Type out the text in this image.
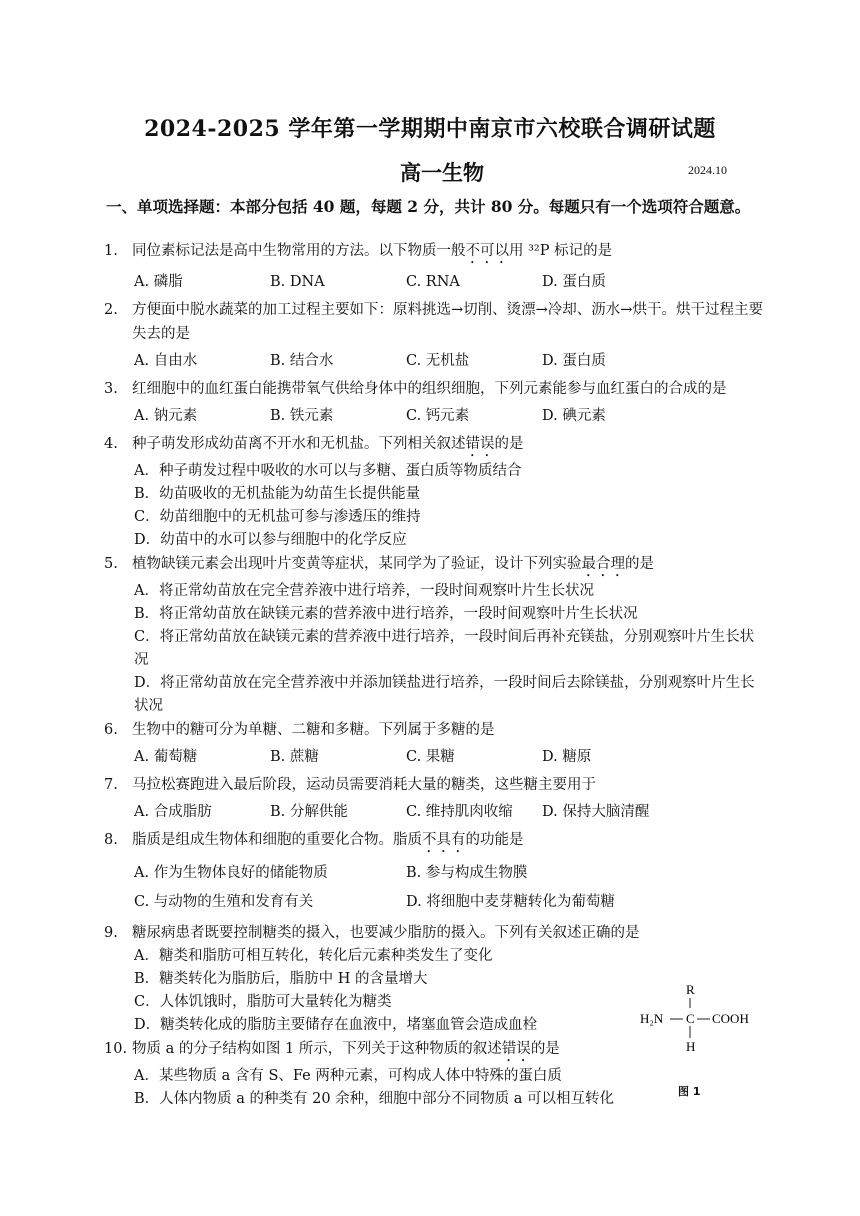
2024-2025 学年第一学期期中南京市六校联合调研试题
高一生物	2024.10
一、单项选择题：本部分包括 40 题，每题 2 分，共计 80 分。每题只有一个选项符合题意。
1. 同位素标记法是高中生物常用的方法。以下物质一般不可以用 ³²P 标记的是
A. 磷脂	B. DNA	C. RNA	D. 蛋白质
2. 方便面中脱水蔬菜的加工过程主要如下：原料挑选→切削、烫漂→冷却、沥水→烘干。烘干过程主要失去的是
A. 自由水	B. 结合水	C. 无机盐	D. 蛋白质
3. 红细胞中的血红蛋白能携带氧气供给身体中的组织细胞，下列元素能参与血红蛋白的合成的是
A. 钠元素	B. 铁元素	C. 钙元素	D. 碘元素
4. 种子萌发形成幼苗离不开水和无机盐。下列相关叙述错误的是
A．种子萌发过程中吸收的水可以与多糖、蛋白质等物质结合
B．幼苗吸收的无机盐能为幼苗生长提供能量
C．幼苗细胞中的无机盐可参与渗透压的维持
D．幼苗中的水可以参与细胞中的化学反应
5. 植物缺镁元素会出现叶片变黄等症状，某同学为了验证，设计下列实验最合理的是
A．将正常幼苗放在完全营养液中进行培养，一段时间观察叶片生长状况
B．将正常幼苗放在缺镁元素的营养液中进行培养，一段时间观察叶片生长状况
C．将正常幼苗放在缺镁元素的营养液中进行培养，一段时间后再补充镁盐，分别观察叶片生长状况
D．将正常幼苗放在完全营养液中并添加镁盐进行培养，一段时间后去除镁盐，分别观察叶片生长状况
6. 生物中的糖可分为单糖、二糖和多糖。下列属于多糖的是
A. 葡萄糖	B. 蔗糖	C. 果糖	D. 糖原
7. 马拉松赛跑进入最后阶段，运动员需要消耗大量的糖类，这些糖主要用于
A. 合成脂肪	B. 分解供能	C. 维持肌肉收缩	D. 保持大脑清醒
8. 脂质是组成生物体和细胞的重要化合物。脂质不具有的功能是
A. 作为生物体良好的储能物质	B. 参与构成生物膜
C. 与动物的生殖和发育有关	D. 将细胞中麦芽糖转化为葡萄糖
9. 糖尿病患者既要控制糖类的摄入，也要减少脂肪的摄入。下列有关叙述正确的是
A．糖类和脂肪可相互转化，转化后元素种类发生了变化
B．糖类转化为脂肪后，脂肪中 H 的含量增大
C．人体饥饿时，脂肪可大量转化为糖类
D．糖类转化成的脂肪主要储存在血液中，堵塞血管会造成血栓
10. 物质 a 的分子结构如图 1 所示，下列关于这种物质的叙述错误的是
A．某些物质 a 含有 S、Fe 两种元素，可构成人体中特殊的蛋白质
B．人体内物质 a 的种类有 20 余种，细胞中部分不同物质 a 可以相互转化
R
H₂N C COOH
H
图 1
